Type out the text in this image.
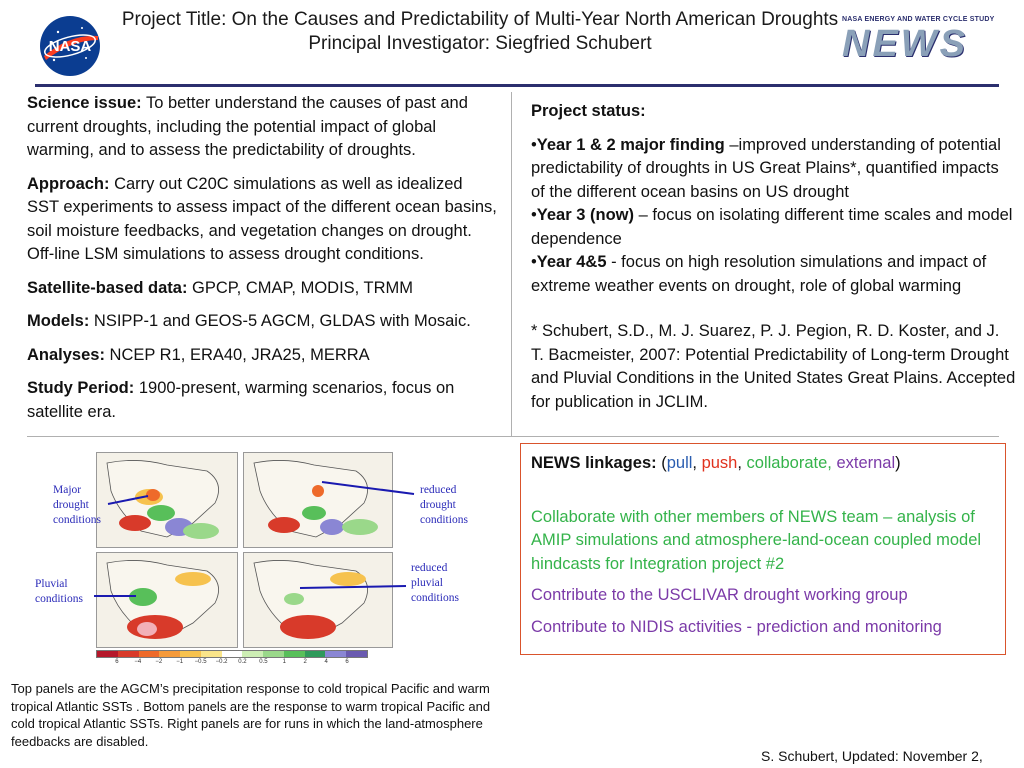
NASA
Project Title: On the Causes and Predictability of Multi-Year North American Droughts
Principal Investigator: Siegfried Schubert
NASA ENERGY AND WATER CYCLE STUDY
NEWS

Science issue: To better understand the causes of past and current droughts, including the potential impact of global warming, and to assess the predictability of droughts.

Approach: Carry out C20C simulations as well as idealized SST experiments to assess impact of the different ocean basins, soil moisture feedbacks, and vegetation changes on drought. Off-line LSM simulations to assess drought conditions.

Satellite-based data: GPCP, CMAP, MODIS, TRMM

Models: NSIPP-1 and GEOS-5 AGCM, GLDAS with Mosaic.

Analyses: NCEP R1, ERA40, JRA25, MERRA

Study Period: 1900-present, warming scenarios, focus on satellite era.

Project status:

•Year 1 & 2 major finding –improved understanding of potential predictability of droughts in US Great Plains*, quantified impacts of the different ocean basins on US drought
•Year 3 (now) – focus on isolating different time scales and model dependence
•Year 4&5 - focus on high resolution simulations and impact of extreme weather events on drought, role of global warming

* Schubert, S.D., M. J. Suarez, P. J. Pegion, R. D. Koster, and J. T. Bacmeister, 2007: Potential Predictability of Long-term Drought and Pluvial Conditions in the United States Great Plains. Accepted for publication in JCLIM.

NEWS linkages: (pull, push, collaborate, external)

Collaborate with other members of NEWS team – analysis of AMIP simulations and atmosphere-land-ocean coupled model hindcasts for Integration project #2

Contribute to the USCLIVAR drought working group

Contribute to NIDIS activities - prediction and monitoring

Major drought conditions
Pluvial conditions
reduced drought conditions
reduced pluvial conditions
6	−4 −2 −1 −0.5 −0.2 0.2 0.5	1	2	4	6
Top panels are the AGCM’s precipitation response to cold tropical Pacific and warm tropical Atlantic SSTs . Bottom panels are the response to warm tropical Pacific and cold tropical Atlantic SSTs. Right panels are for runs in which the land-atmosphere feedbacks are disabled.
S. Schubert, Updated: November 2,
